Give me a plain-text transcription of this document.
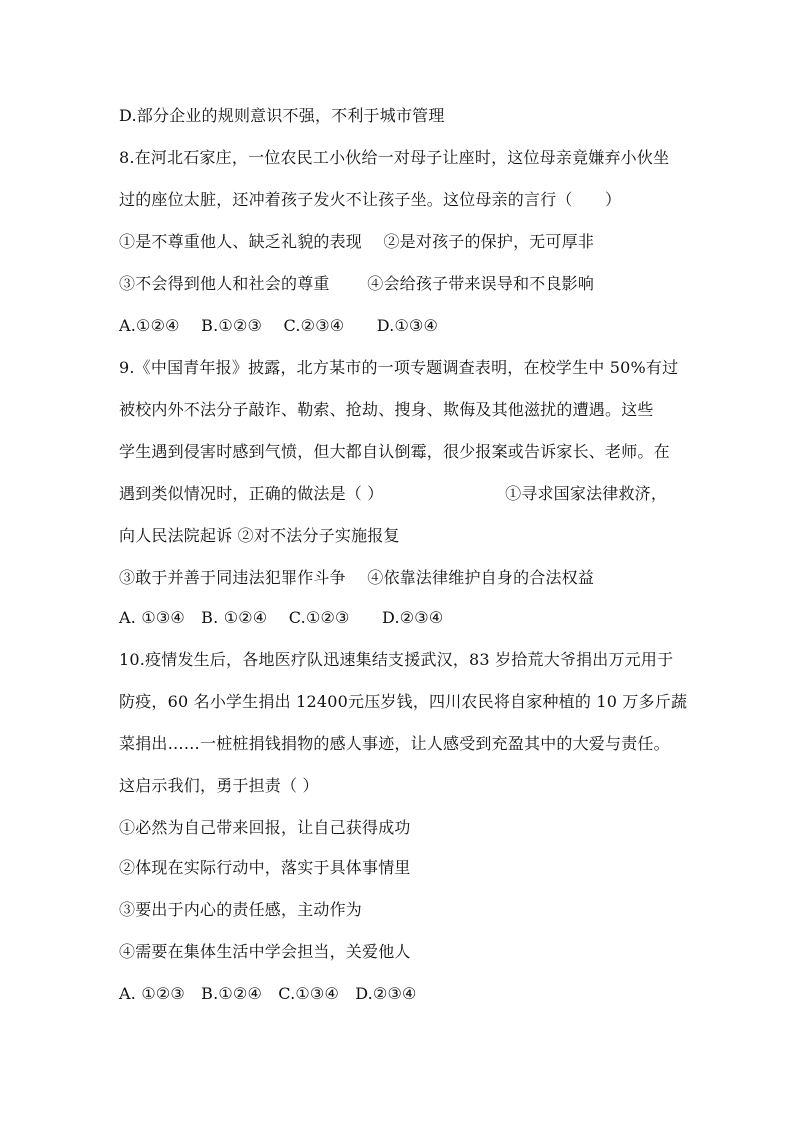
D.部分企业的规则意识不强，不利于城市管理
8.在河北石家庄，一位农民工小伙给一对母子让座时，这位母亲竟嫌弃小伙坐
过的座位太脏，还冲着孩子发火不让孩子坐。这位母亲的言行（　　）
①是不尊重他人、缺乏礼貌的表现　 ②是对孩子的保护，无可厚非
③不会得到他人和社会的尊重　　 ④会给孩子带来误导和不良影响
A.①②④　 B.①②③　 C.②③④　　D.①③④
9.《中国青年报》披露，北方某市的一项专题调查表明，在校学生中 50%有过
被校内外不法分子敲诈、勒索、抢劫、搜身、欺侮及其他滋扰的遭遇。这些
学生遇到侵害时感到气愤，但大都自认倒霉，很少报案或告诉家长、老师。在
遇到类似情况时，正确的做法是（ ）　　　　　　　　①寻求国家法律救济，
向人民法院起诉 ②对不法分子实施报复
③敢于并善于同违法犯罪作斗争　 ④依靠法律维护自身的合法权益
A. ①③④　B. ①②④　 C.①②③　　D.②③④
10.疫情发生后，各地医疗队迅速集结支援武汉，83 岁拾荒大爷捐出万元用于
防疫，60 名小学生捐出 12400元压岁钱，四川农民将自家种植的 10 万多斤蔬
菜捐出……一桩桩捐钱捐物的感人事迹，让人感受到充盈其中的大爱与责任。
这启示我们，勇于担责（ ）
①必然为自己带来回报，让自己获得成功
②体现在实际行动中，落实于具体事情里
③要出于内心的责任感，主动作为
④需要在集体生活中学会担当，关爱他人
A. ①②③　B.①②④　C.①③④　D.②③④
